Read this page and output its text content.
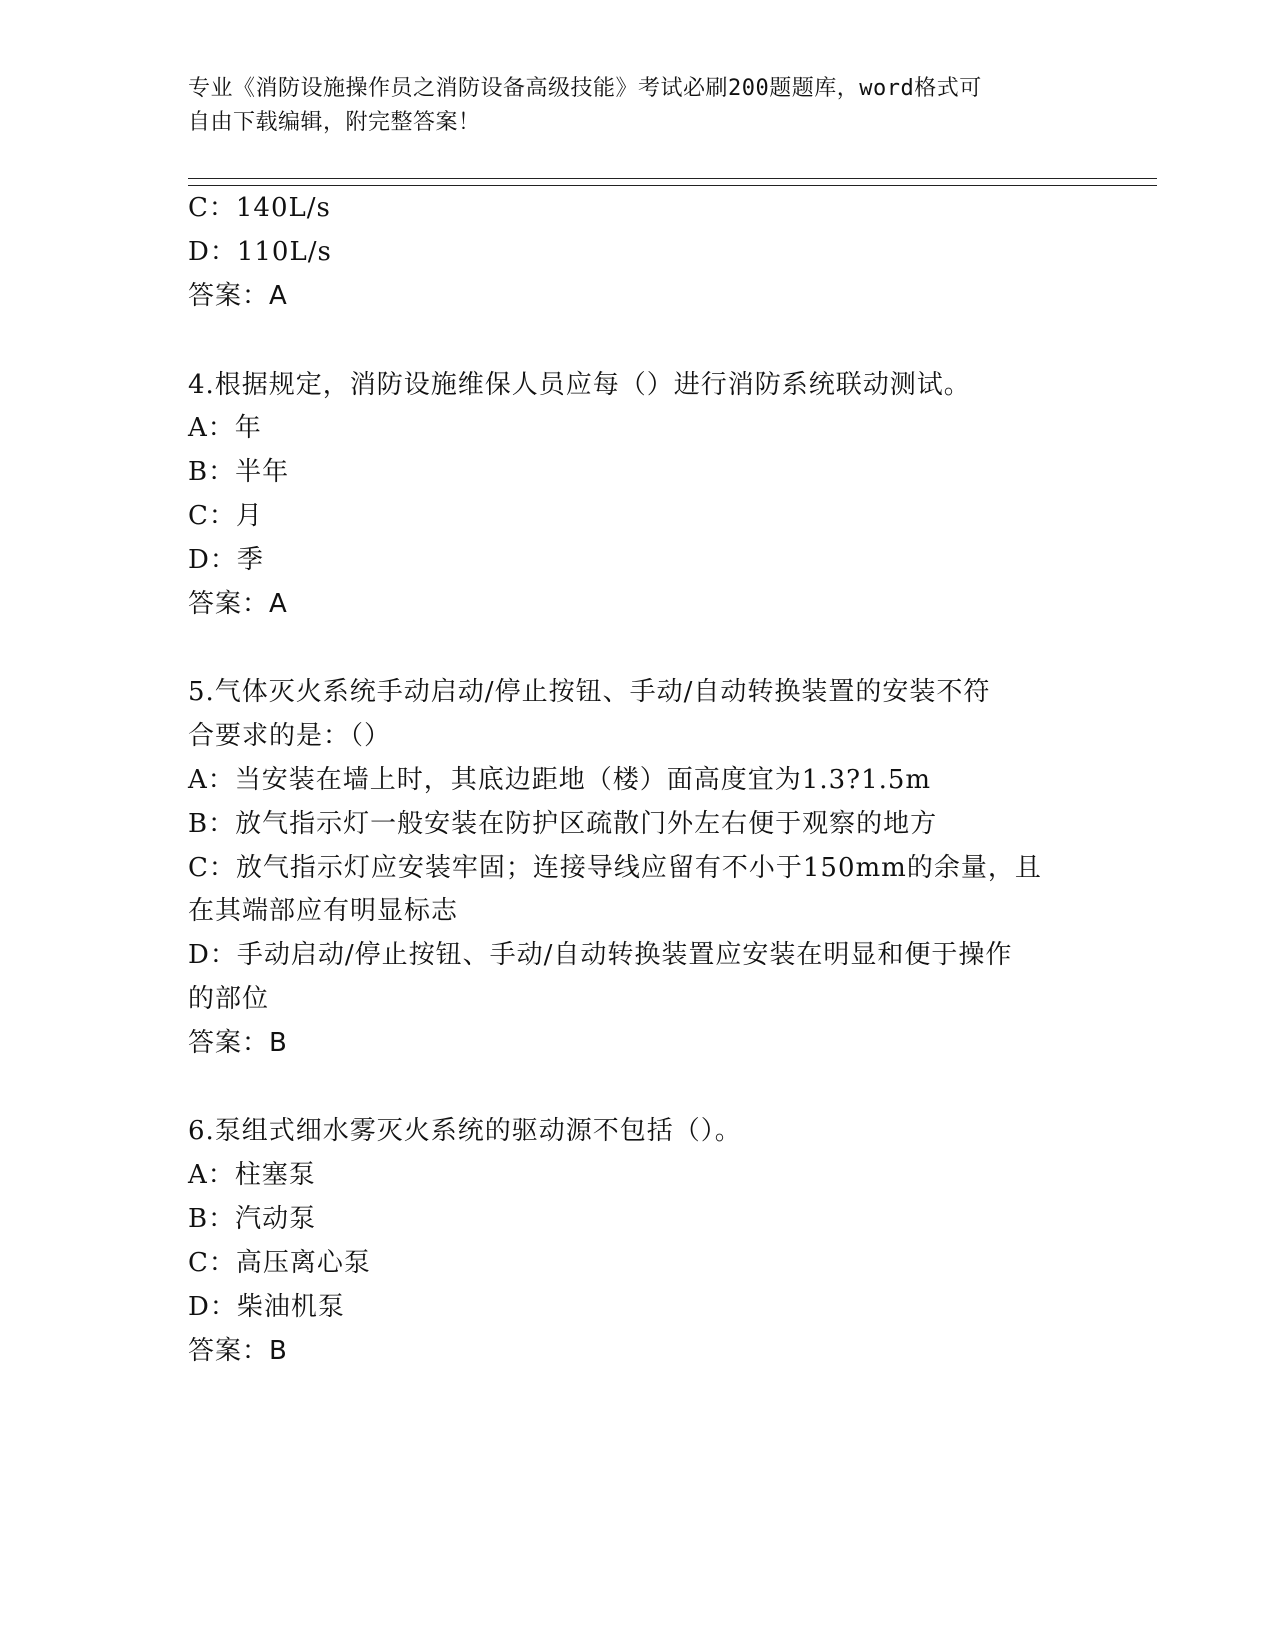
专业《消防设施操作员之消防设备高级技能》考试必刷200题题库，word格式可
自由下载编辑，附完整答案！
C：140L/s
D：110L/s
答案：A
4.根据规定，消防设施维保人员应每（）进行消防系统联动测试。
A：年
B：半年
C：月
D：季
答案：A
5.气体灭火系统手动启动/停止按钮、手动/自动转换装置的安装不符
合要求的是：（）
A：当安装在墙上时，其底边距地（楼）面高度宜为1.3?1.5m
B：放气指示灯一般安装在防护区疏散门外左右便于观察的地方
C：放气指示灯应安装牢固；连接导线应留有不小于150mm的余量，且
在其端部应有明显标志
D：手动启动/停止按钮、手动/自动转换装置应安装在明显和便于操作
的部位
答案：B
6.泵组式细水雾灭火系统的驱动源不包括（）。
A：柱塞泵
B：汽动泵
C：高压离心泵
D：柴油机泵
答案：B
